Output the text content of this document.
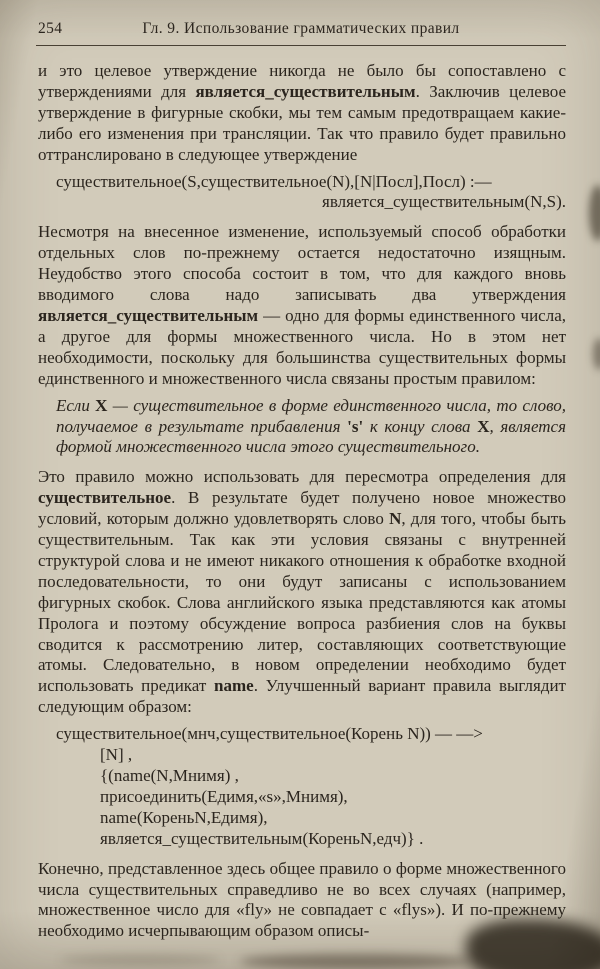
254	Гл. 9. Использование грамматических правил

и это целевое утверждение никогда не было бы сопоставлено с утверждениями для является_существительным. Заключив целевое утверждение в фигурные скобки, мы тем самым предотвращаем какие-либо его изменения при трансляции. Так что правило будет правильно оттранслировано в следующее утверждение

существительное(S,существительное(N),[N|Посл],Посл) :—
является_существительным(N,S).

Несмотря на внесенное изменение, используемый способ обработки отдельных слов по-прежнему остается недостаточно изящным. Неудобство этого способа состоит в том, что для каждого вновь вводимого слова надо записывать два утверждения является_существительным — одно для формы единственного числа, а другое для формы множественного числа. Но в этом нет необходимости, поскольку для большинства существительных формы единственного и множественного числа связаны простым правилом:

Если X — существительное в форме единственного числа, то слово, получаемое в результате прибавления 's' к концу слова X, является формой множественного числа этого существительного.

Это правило можно использовать для пересмотра определения для существительное. В результате будет получено новое множество условий, которым должно удовлетворять слово N, для того, чтобы быть существительным. Так как эти условия связаны с внутренней структурой слова и не имеют никакого отношения к обработке входной последовательности, то они будут записаны с использованием фигурных скобок. Слова английского языка представляются как атомы Пролога и поэтому обсуждение вопроса разбиения слов на буквы сводится к рассмотрению литер, составляющих соответствующие атомы. Следовательно, в новом определении необходимо будет использовать предикат name. Улучшенный вариант правила выглядит следующим образом:

существительное(мнч,существительное(Корень N)) — —>
[N] ,
{(name(N,Мнимя) ,
присоединить(Едимя,«s»,Мнимя),
name(КореньN,Едимя),
является_существительным(КореньN,едч)} .

Конечно, представленное здесь общее правило о форме множественного числа существительных справедливо не во всех случаях (например, множественное число для «fly» не совпадает с «flys»). И по-прежнему необходимо исчерпывающим образом описы-
